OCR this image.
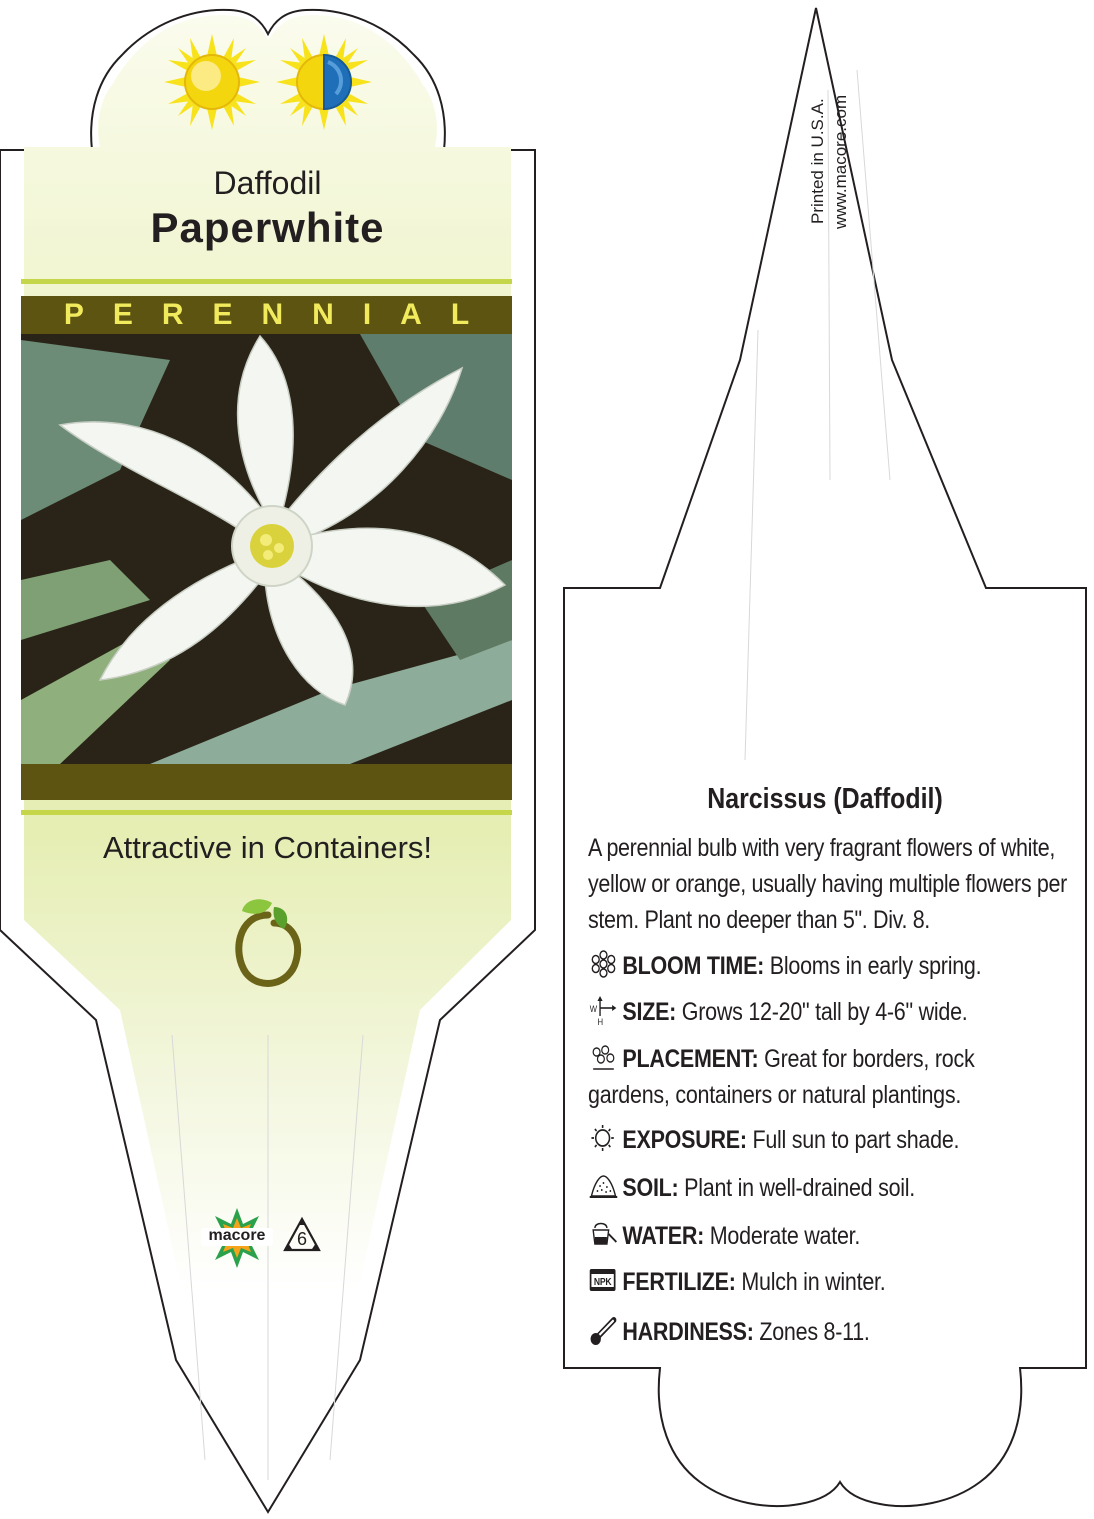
Daffodil
Paperwhite
PERENNIAL
Attractive in Containers!
macore	6
Printed in U.S.A. www.macore.com
Narcissus (Daffodil)
A perennial bulb with very fragrant flowers of white, yellow or orange, usually having multiple flowers per stem. Plant no deeper than 5". Div. 8.
BLOOM TIME: Blooms in early spring.
W
H SIZE: Grows 12-20" tall by 4-6" wide.
PLACEMENT: Great for borders, rock gardens, containers or natural plantings.
EXPOSURE: Full sun to part shade.
SOIL: Plant in well-drained soil.
WATER: Moderate water.
NPK FERTILIZE: Mulch in winter.
HARDINESS: Zones 8-11.
